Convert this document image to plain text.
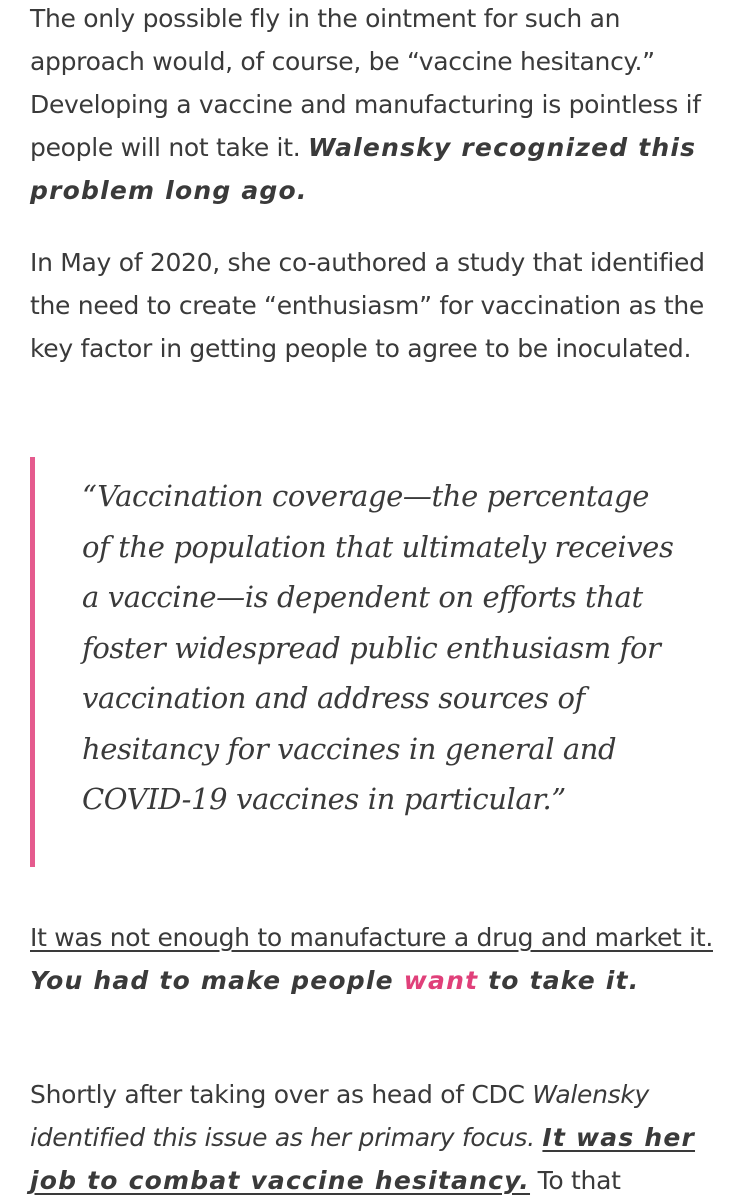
The only possible fly in the ointment for such an approach would, of course, be “vaccine hesitancy.” Developing a vaccine and manufacturing is pointless if people will not take it. Walensky recognized this problem long ago.

In May of 2020, she co-authored a study that identified the need to create “enthusiasm” for vaccination as the key factor in getting people to agree to be inoculated.

“Vaccination coverage—the percentage of the population that ultimately receives a vaccine—is dependent on efforts that foster widespread public enthusiasm for vaccination and address sources of hesitancy for vaccines in general and COVID-19 vaccines in particular.”

It was not enough to manufacture a drug and market it. You had to make people want to take it.

Shortly after taking over as head of CDC Walensky identified this issue as her primary focus. It was her job to combat vaccine hesitancy. To that
